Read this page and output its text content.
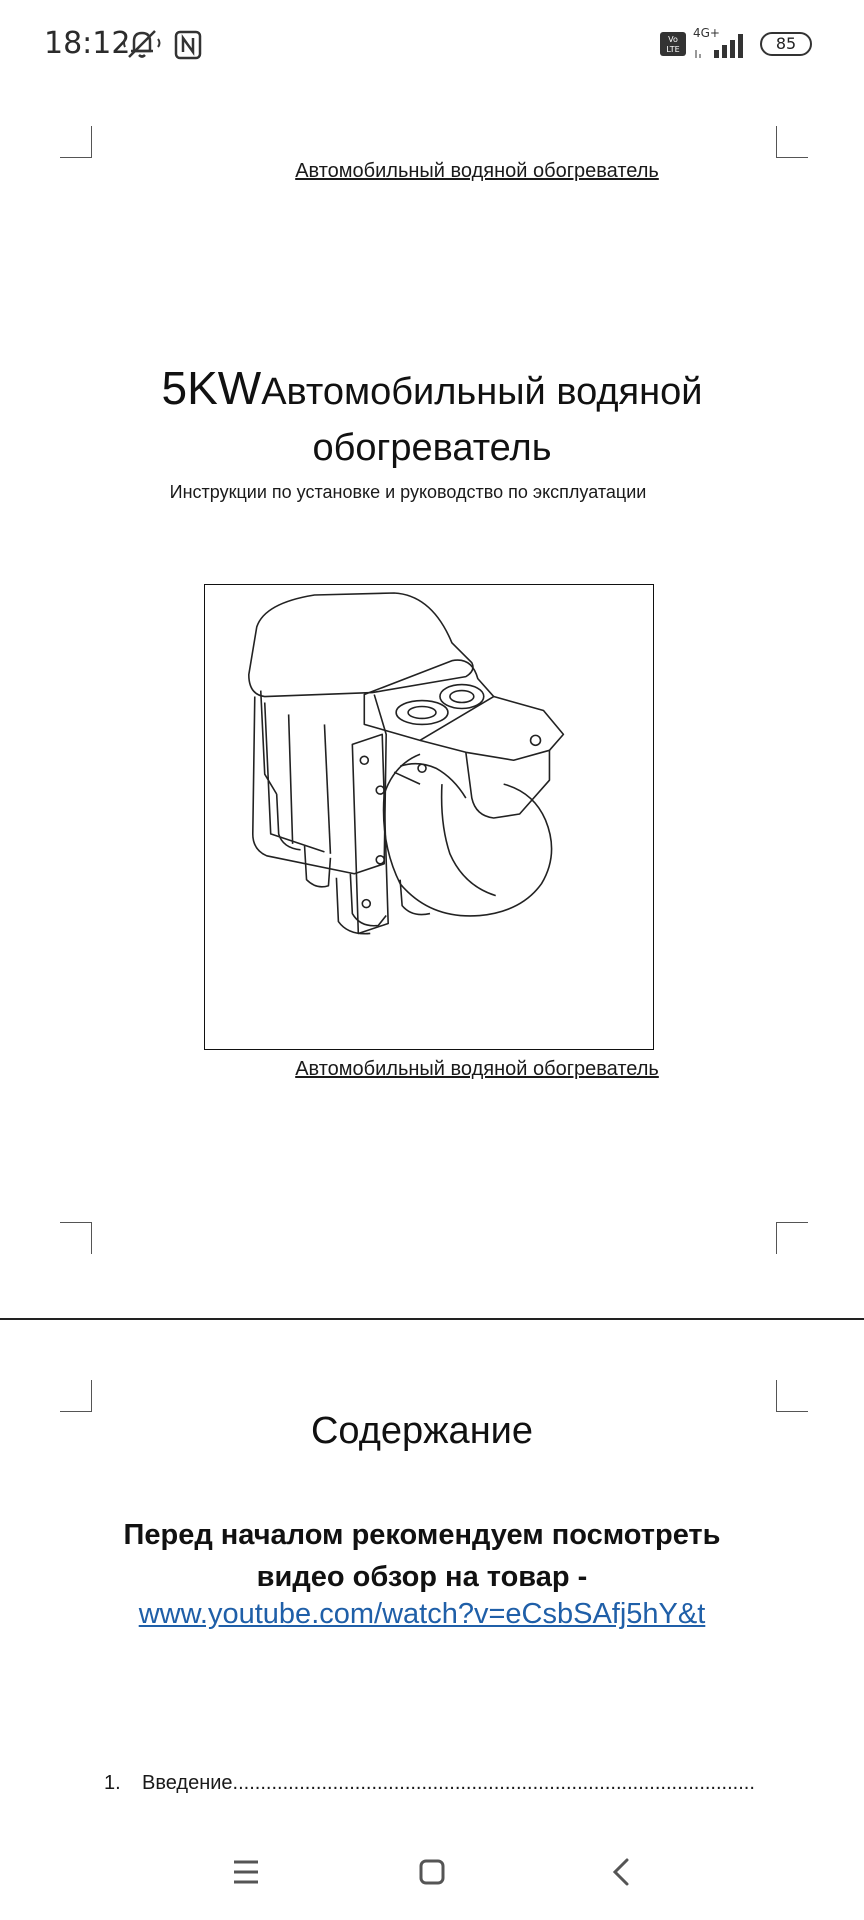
18:12	Vo
LTE
4G+
85
Автомобильный водяной обогреватель
5KWАвтомобильный водяной обогреватель
Инструкции по установке и руководство по эксплуатации
Автомобильный водяной обогреватель
Содержание
Перед началом рекомендуем посмотреть видео обзор на товар -
www.youtube.com/watch?v=eCsbSAfj5hY&t
1. Введение..............................................................................................
